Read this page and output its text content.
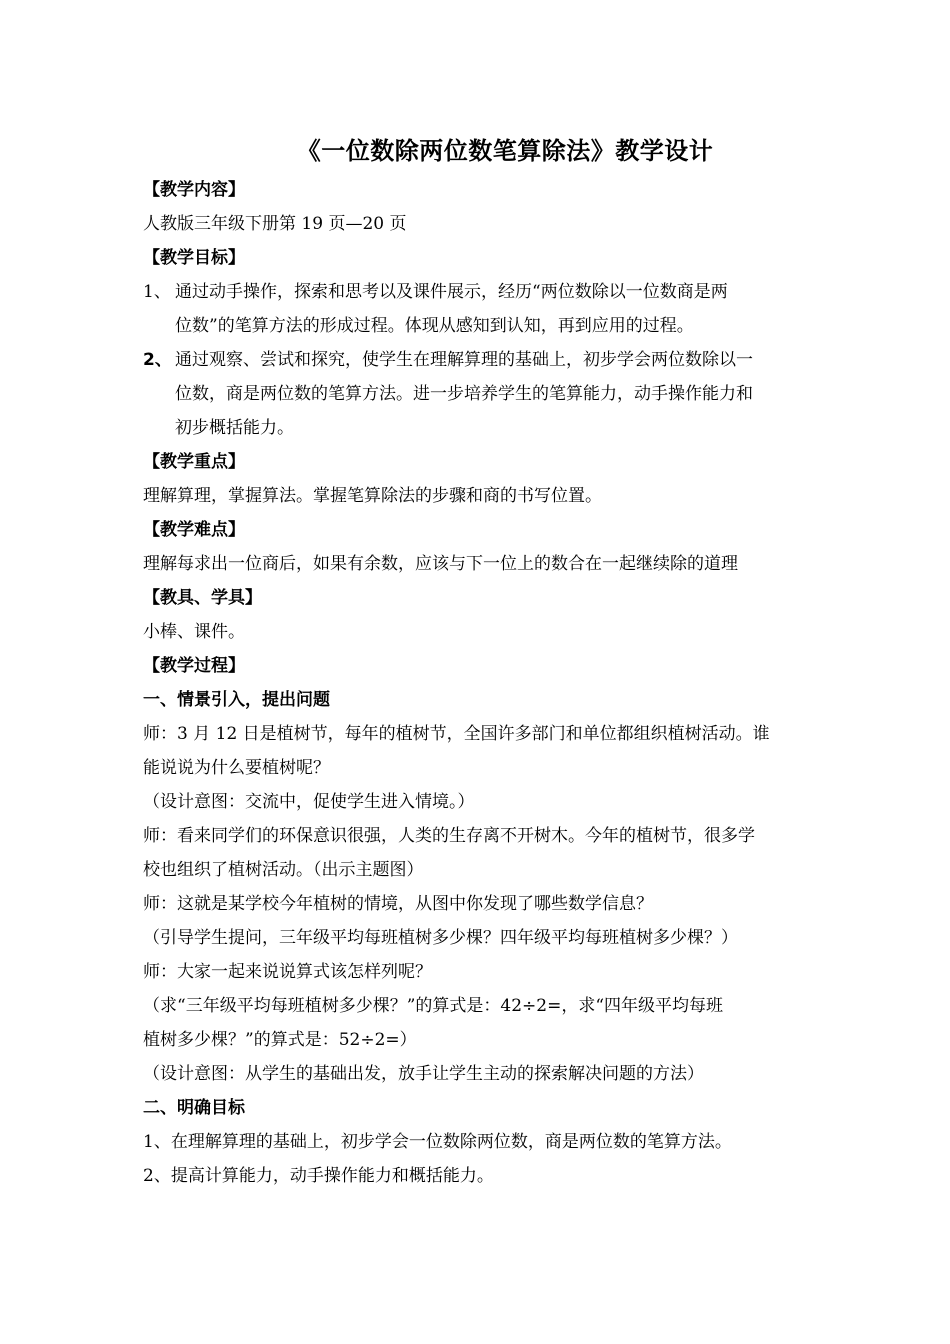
《一位数除两位数笔算除法》教学设计
【教学内容】
人教版三年级下册第 19 页—20 页
【教学目标】
1、 通过动手操作，探索和思考以及课件展示，经历“两位数除以一位数商是两
位数”的笔算方法的形成过程。体现从感知到认知，再到应用的过程。
2、 通过观察、尝试和探究，使学生在理解算理的基础上，初步学会两位数除以一
位数，商是两位数的笔算方法。进一步培养学生的笔算能力，动手操作能力和
初步概括能力。
【教学重点】
理解算理，掌握算法。掌握笔算除法的步骤和商的书写位置。
【教学难点】
理解每求出一位商后，如果有余数，应该与下一位上的数合在一起继续除的道理
【教具、学具】
小棒、课件。
【教学过程】
一、情景引入，提出问题
师：3 月 12 日是植树节，每年的植树节，全国许多部门和单位都组织植树活动。谁
能说说为什么要植树呢？
（设计意图：交流中，促使学生进入情境。）
师：看来同学们的环保意识很强，人类的生存离不开树木。今年的植树节，很多学
校也组织了植树活动。（出示主题图）
师：这就是某学校今年植树的情境，从图中你发现了哪些数学信息？
（引导学生提问，三年级平均每班植树多少棵？四年级平均每班植树多少棵？）
师：大家一起来说说算式该怎样列呢？
（求“三年级平均每班植树多少棵？”的算式是：42÷2=，求“四年级平均每班
植树多少棵？”的算式是：52÷2=）
（设计意图：从学生的基础出发，放手让学生主动的探索解决问题的方法）
二、明确目标
1、在理解算理的基础上，初步学会一位数除两位数，商是两位数的笔算方法。
2、提高计算能力，动手操作能力和概括能力。
